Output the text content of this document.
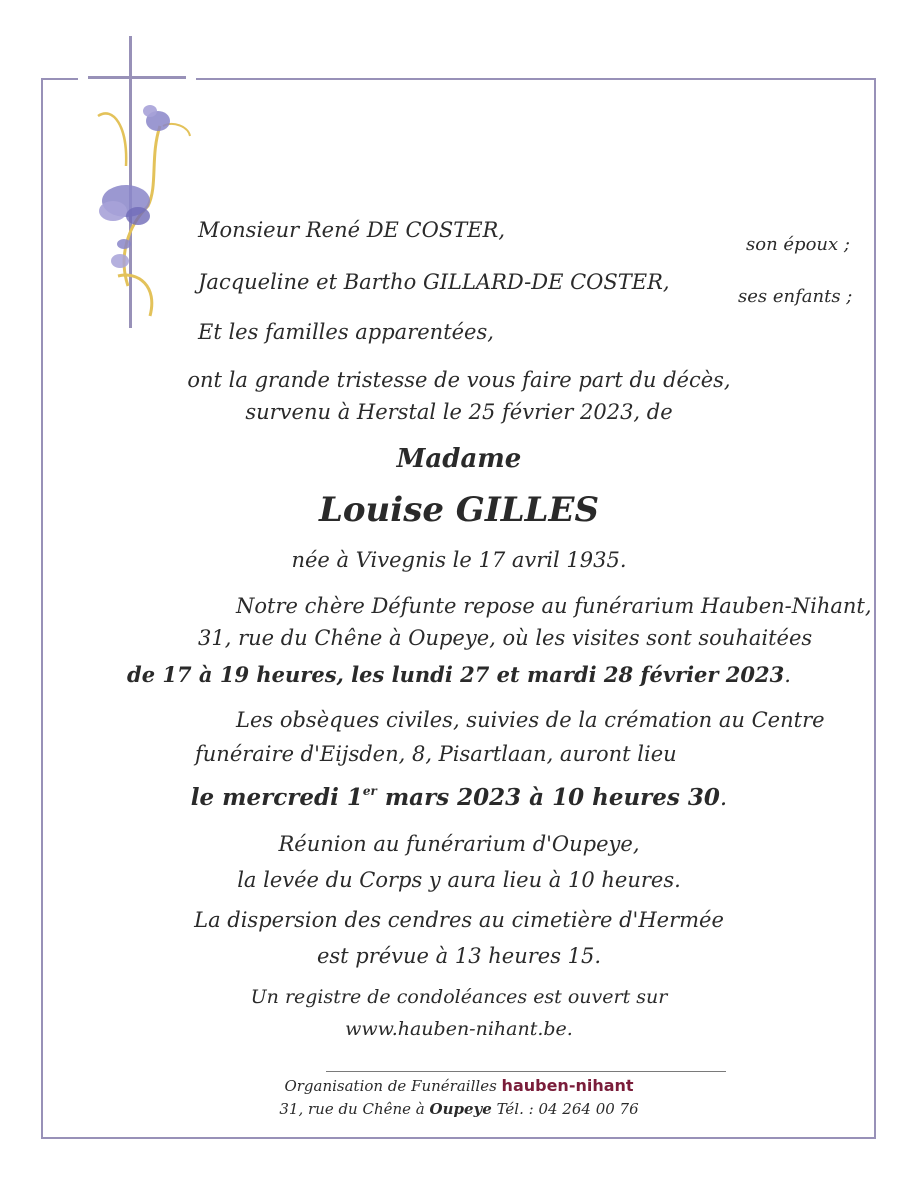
Monsieur René DE COSTER,

son époux ;

Jacqueline et Bartho GILLARD-DE COSTER,

ses enfants ;

Et les familles apparentées,

ont la grande tristesse de vous faire part du décès,

survenu à Herstal le 25 février 2023, de

Madame

Louise GILLES

née à Vivegnis le 17 avril 1935.

Notre chère Défunte repose au funérarium Hauben-Nihant,

31, rue du Chêne à Oupeye, où les visites sont souhaitées

de 17 à 19 heures, les lundi 27 et mardi 28 février 2023.

Les obsèques civiles, suivies de la crémation au Centre

funéraire d'Eijsden, 8, Pisartlaan, auront lieu

le mercredi 1er mars 2023 à 10 heures 30.

Réunion au funérarium d'Oupeye,

la levée du Corps y aura lieu à 10 heures.

La dispersion des cendres au cimetière d'Hermée

est prévue à 13 heures 15.

Un registre de condoléances est ouvert sur

www.hauben-nihant.be.

Organisation de Funérailles hauben-nihant

31, rue du Chêne à Oupeye Tél. : 04 264 00 76
